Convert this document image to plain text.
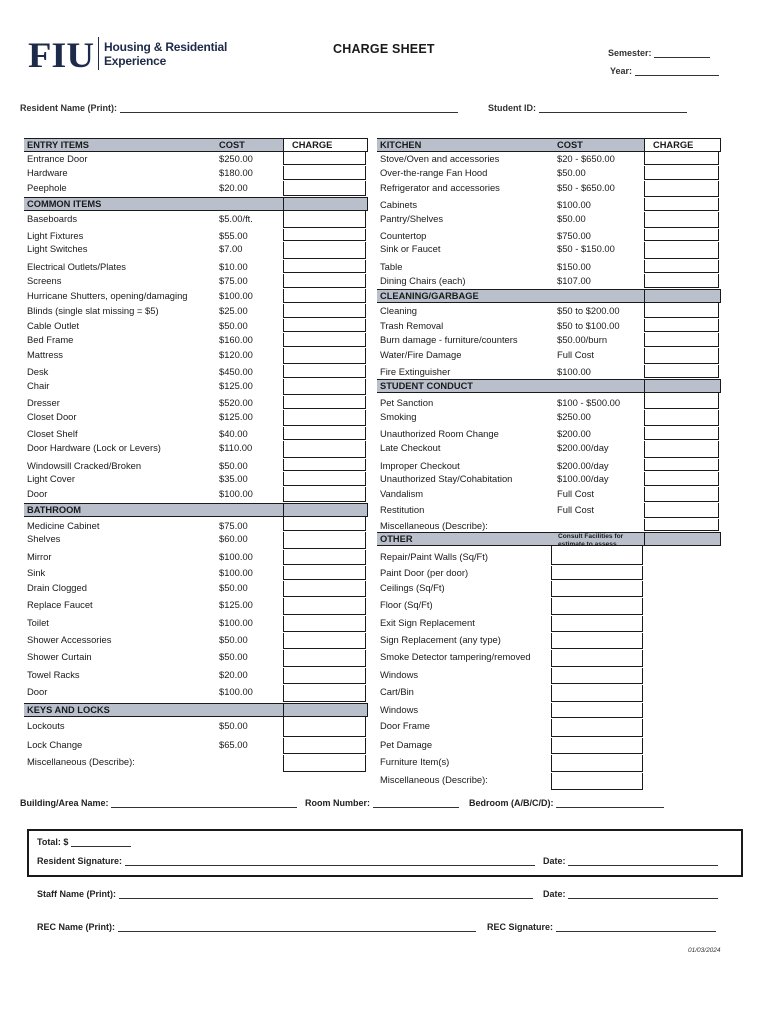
FIU Housing & Residential
Experience
CHARGE SHEET	Semester:
Year:
Resident Name (Print):	Student ID:
ENTRY ITEMS	COST	CHARGE
Entrance Door	$250.00
Hardware	$180.00
Peephole	$20.00
COMMON ITEMS
Baseboards	$5.00/ft.
Light Fixtures	$55.00
Light Switches	$7.00
Electrical Outlets/Plates	$10.00
Screens	$75.00
Hurricane Shutters, opening/damaging	$100.00
Blinds (single slat missing = $5)	$25.00
Cable Outlet	$50.00
Bed Frame	$160.00
Mattress	$120.00
Desk	$450.00
Chair	$125.00
Dresser	$520.00
Closet Door	$125.00
Closet Shelf	$40.00
Door Hardware (Lock or Levers)	$110.00
Windowsill Cracked/Broken	$50.00
Light Cover	$35.00
Door	$100.00
BATHROOM
Medicine Cabinet	$75.00
Shelves	$60.00
Mirror	$100.00
Sink	$100.00
Drain Clogged	$50.00
Replace Faucet	$125.00
Toilet	$100.00
Shower Accessories	$50.00
Shower Curtain	$50.00
Towel Racks	$20.00
Door	$100.00
KEYS AND LOCKS
Lockouts	$50.00
Lock Change	$65.00
Miscellaneous (Describe):
KITCHEN	COST	CHARGE
Stove/Oven and accessories	$20 - $650.00
Over-the-range Fan Hood	$50.00
Refrigerator and accessories	$50 - $650.00
Cabinets	$100.00
Pantry/Shelves	$50.00
Countertop	$750.00
Sink or Faucet	$50 - $150.00
Table	$150.00
Dining Chairs (each)	$107.00
CLEANING/GARBAGE
Cleaning	$50 to $200.00
Trash Removal	$50 to $100.00
Burn damage - furniture/counters	$50.00/burn
Water/Fire Damage	Full Cost
Fire Extinguisher	$100.00
STUDENT CONDUCT
Pet Sanction	$100 - $500.00
Smoking	$250.00
Unauthorized Room Change	$200.00
Late Checkout	$200.00/day
Improper Checkout	$200.00/day
Unauthorized Stay/Cohabitation	$100.00/day
Vandalism	Full Cost
Restitution	Full Cost
Miscellaneous (Describe):
OTHER	Consult Facilities for
estimate to assess
Repair/Paint Walls (Sq/Ft)
Paint Door (per door)
Ceilings (Sq/Ft)
Floor (Sq/Ft)
Exit Sign Replacement
Sign Replacement (any type)
Smoke Detector tampering/removed
Windows
Cart/Bin
Windows
Door Frame
Pet Damage
Furniture Item(s)
Miscellaneous (Describe):
Building/Area Name:	Room Number:	Bedroom (A/B/C/D):
Total: $
Resident Signature:	Date:
Staff Name (Print):	Date:
REC Name (Print):	REC Signature:
01/03/2024
